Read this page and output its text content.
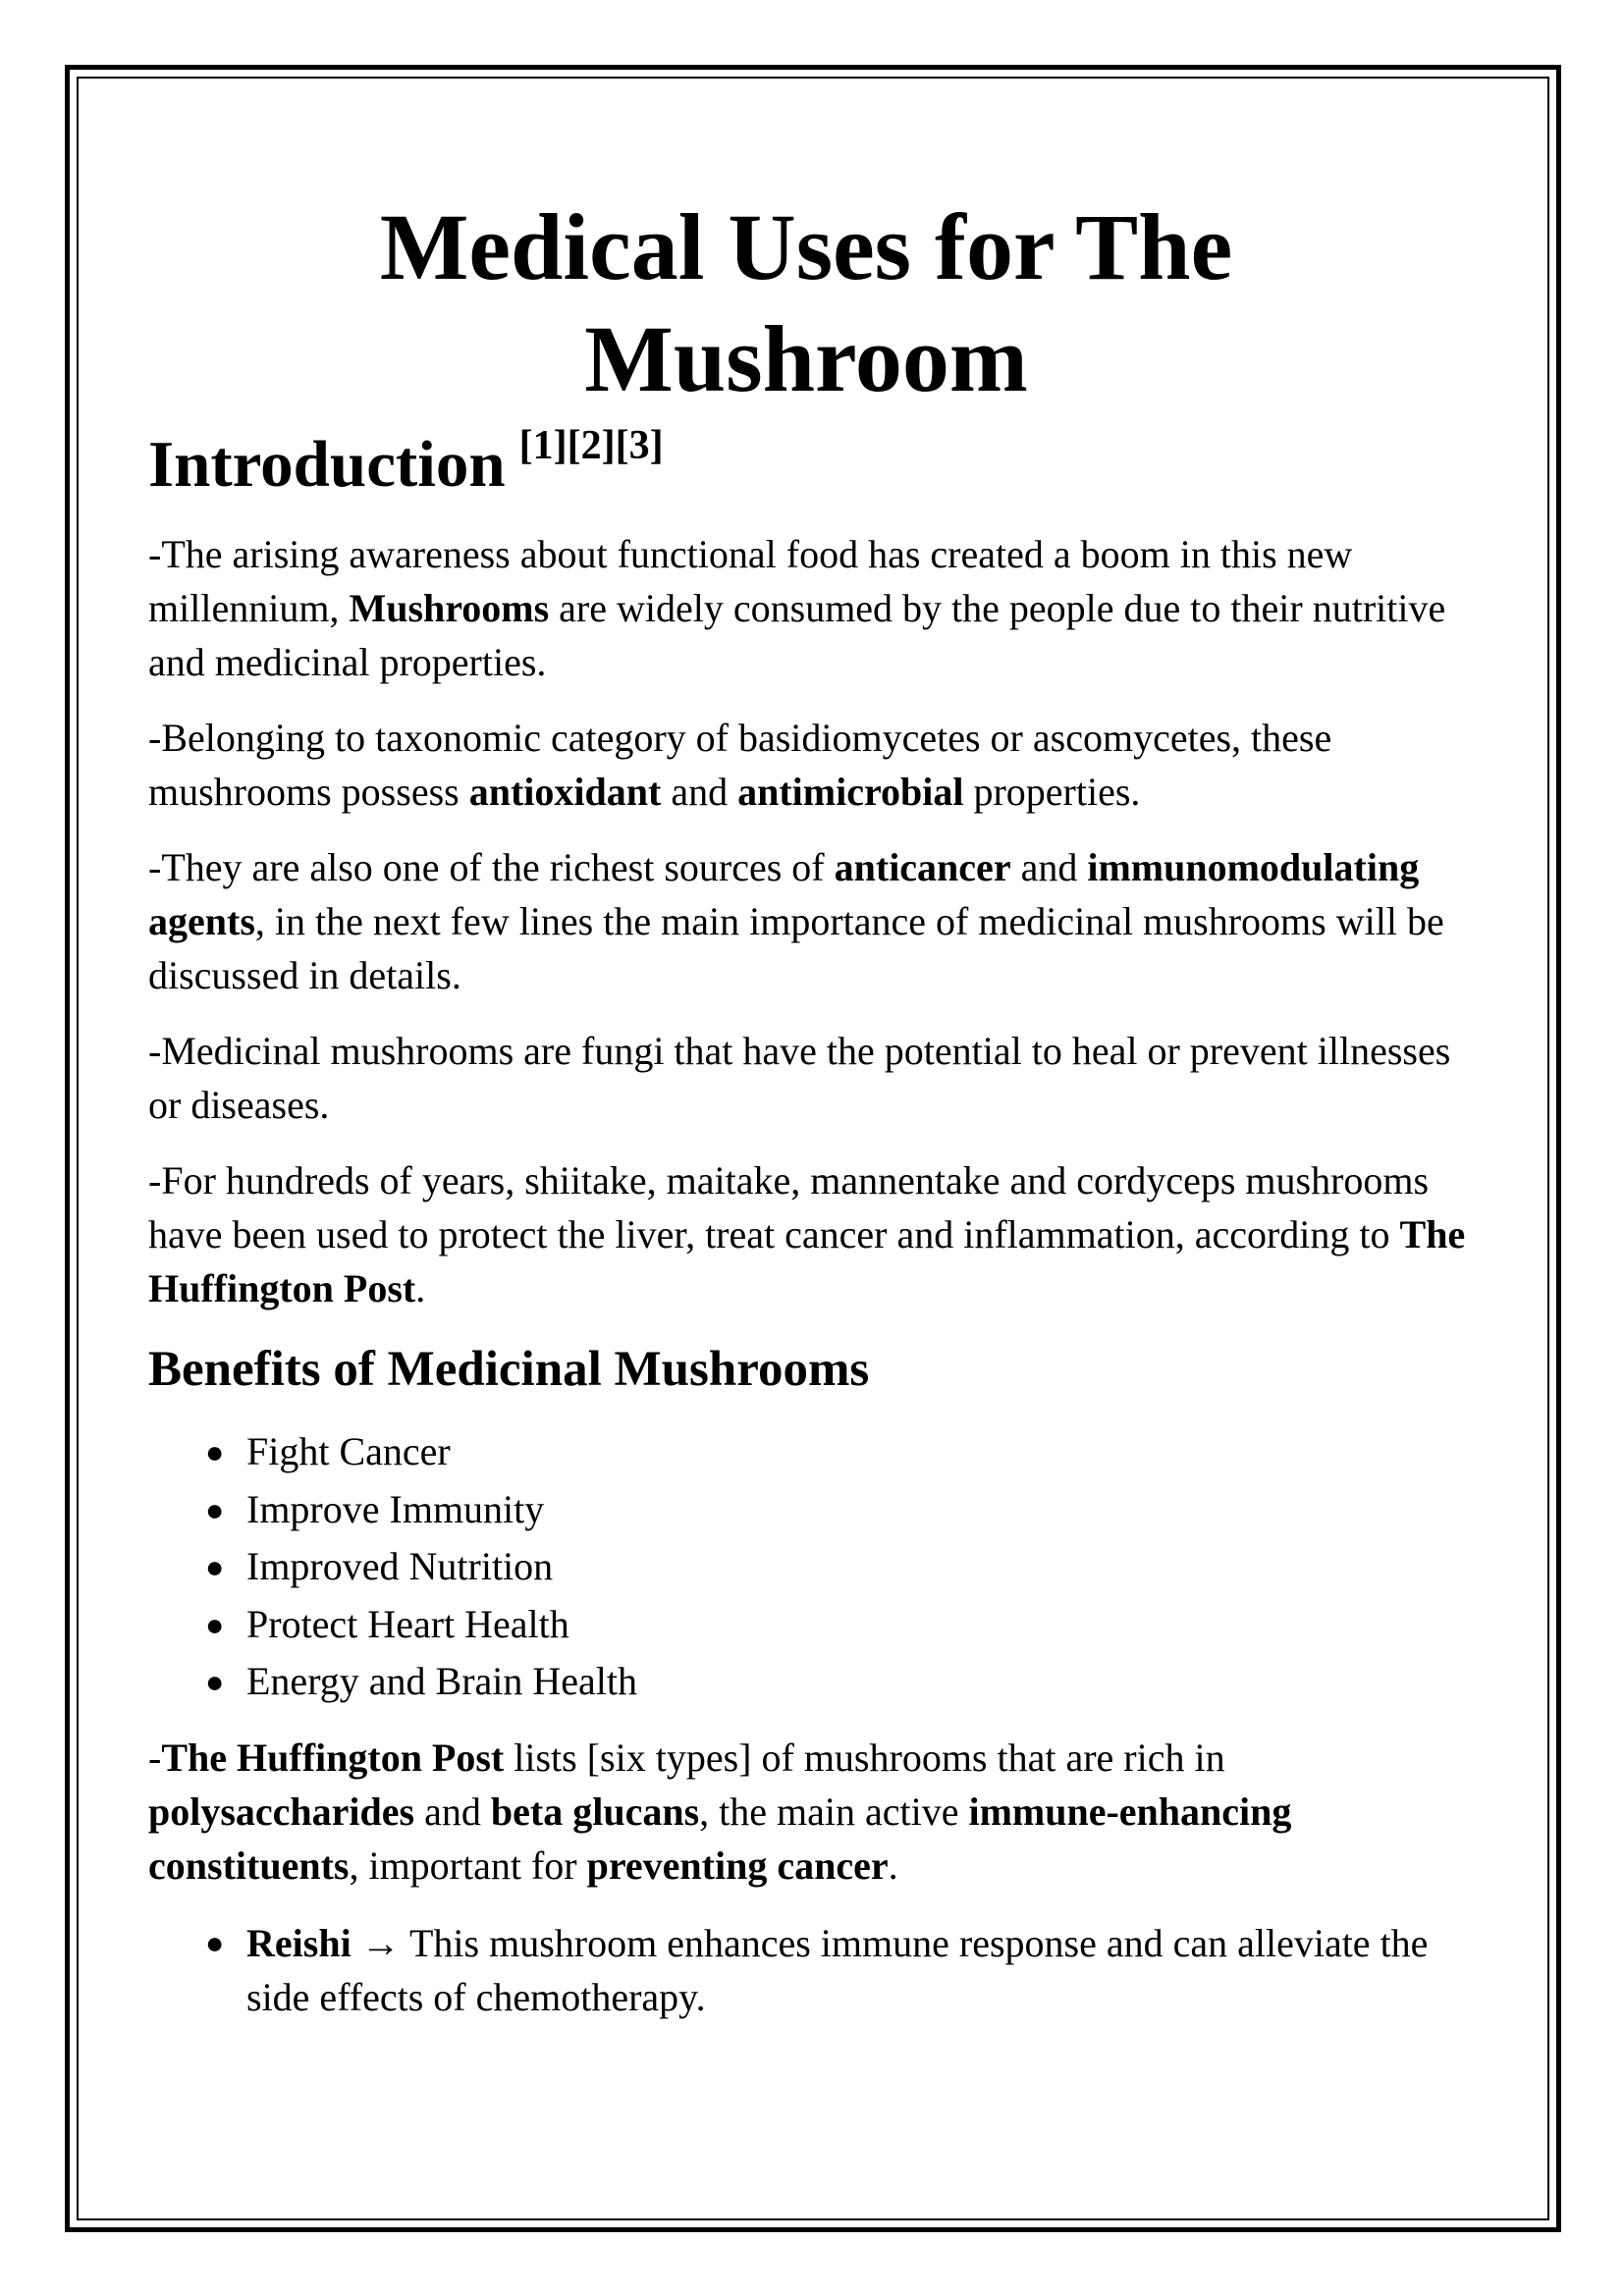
Medical Uses for The
Mushroom
Introduction [1][2][3]

-The arising awareness about functional food has created a boom in this new millennium, Mushrooms are widely consumed by the people due to their nutritive and medicinal properties.

-Belonging to taxonomic category of basidiomycetes or ascomycetes, these mushrooms possess antioxidant and antimicrobial properties.

-They are also one of the richest sources of anticancer and immunomodulating agents, in the next few lines the main importance of medicinal mushrooms will be discussed in details.

-Medicinal mushrooms are fungi that have the potential to heal or prevent illnesses or diseases.

-For hundreds of years, shiitake, maitake, mannentake and cordyceps mushrooms have been used to protect the liver, treat cancer and inflammation, according to The Huffington Post.

Benefits of Medicinal Mushrooms
● Fight Cancer
● Improve Immunity
● Improved Nutrition
● Protect Heart Health
● Energy and Brain Health

-The Huffington Post lists [six types] of mushrooms that are rich in polysaccharides and beta glucans, the main active immune-enhancing constituents, important for preventing cancer.

● Reishi → This mushroom enhances immune response and can alleviate the side effects of chemotherapy.
